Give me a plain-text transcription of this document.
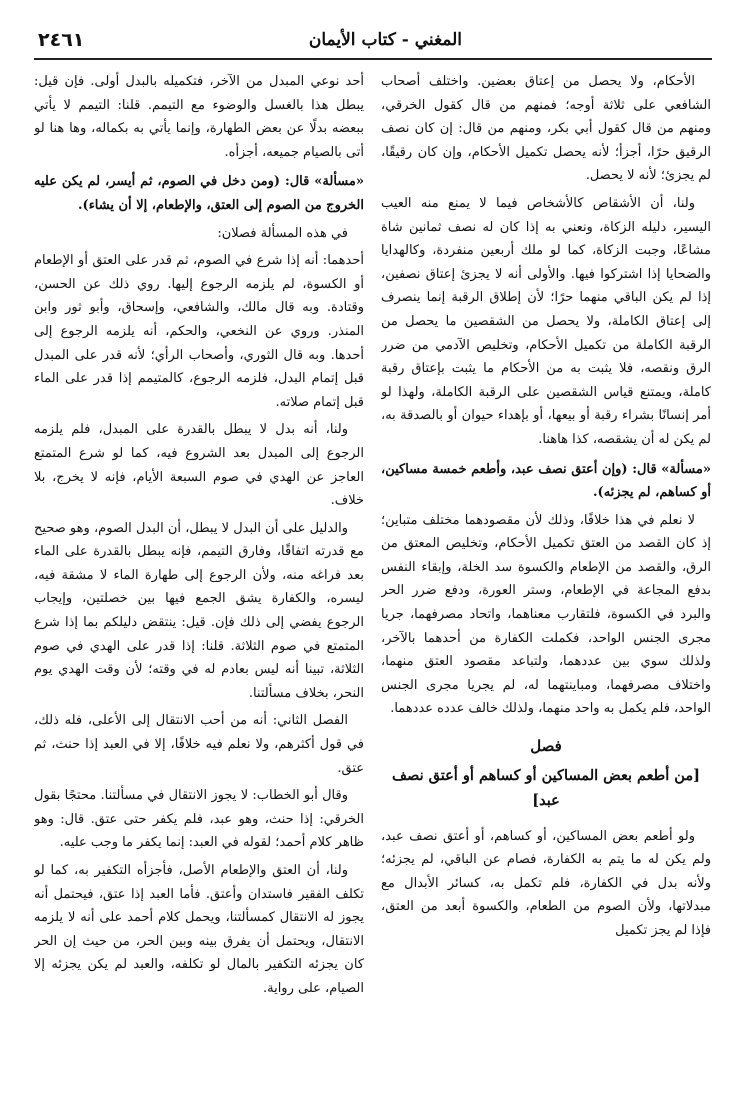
المغني - كتاب الأيمان
٢٤٦١

الأحكام، ولا يحصل من إعتاق بعضين. واختلف أصحاب الشافعي على ثلاثة أوجه؛ فمنهم من قال كقول الخرقي، ومنهم من قال كقول أبي بكر، ومنهم من قال: إن كان نصف الرقيق حرًا، أجزأ؛ لأنه يحصل تكميل الأحكام، وإن كان رقيقًا، لم يجزئ؛ لأنه لا يحصل.

ولنا، أن الأشقاص كالأشخاص فيما لا يمنع منه العيب اليسير، دليله الزكاة، ونعني به إذا كان له نصف ثمانين شاة مشاعًا، وجبت الزكاة، كما لو ملك أربعين منفردة، وكالهدايا والضحايا إذا اشتركوا فيها. والأولى أنه لا يجزئ إعتاق نصفين، إذا لم يكن الباقي منهما حرًا؛ لأن إطلاق الرقبة إنما ينصرف إلى إعتاق الكاملة، ولا يحصل من الشقصين ما يحصل من الرقبة الكاملة من تكميل الأحكام، وتخليص الآدمي من ضرر الرق ونقصه، فلا يثبت به من الأحكام ما يثبت بإعتاق رقبة كاملة، ويمتنع قياس الشقصين على الرقبة الكاملة، ولهذا لو أمر إنسانًا بشراء رقبة أو بيعها، أو بإهداء حيوان أو بالصدقة به، لم يكن له أن يشقصه، كذا هاهنا.

«مسألة» قال: (وإن أعتق نصف عبد، وأطعم خمسة مساكين، أو كساهم، لم يجزئه).

لا نعلم في هذا خلافًا، وذلك لأن مقصودهما مختلف متباين؛ إذ كان القصد من العتق تكميل الأحكام، وتخليص المعتق من الرق، والقصد من الإطعام والكسوة سد الخلة، وإبقاء النفس بدفع المجاعة في الإطعام، وستر العورة، ودفع ضرر الحر والبرد في الكسوة، فلتقارب معناهما، واتحاد مصرفهما، جريا مجرى الجنس الواحد، فكملت الكفارة من أحدهما بالآخر، ولذلك سوي بين عددهما، ولتباعد مقصود العتق منهما، واختلاف مصرفهما، ومباينتهما له، لم يجريا مجرى الجنس الواحد، فلم يكمل به واحد منهما، ولذلك خالف عدده عددهما.

فصل
[من أطعم بعض المساكين أو كساهم أو أعتق نصف عبد]

ولو أطعم بعض المساكين، أو كساهم، أو أعتق نصف عبد، ولم يكن له ما يتم به الكفارة، فصام عن الباقي، لم يجزئه؛ ولأنه بدل في الكفارة، فلم تكمل به، كسائر الأبدال مع مبدلاتها، ولأن الصوم من الطعام، والكسوة أبعد من العتق، فإذا لم يجز تكميل

أحد نوعي المبدل من الآخر، فتكميله بالبدل أولى. فإن قيل: يبطل هذا بالغسل والوضوء مع التيمم. قلنا: التيمم لا يأتي ببعضه بدلًا عن بعض الطهارة، وإنما يأتي به بكماله، وها هنا لو أتى بالصيام جميعه، أجزأه.

«مسألة» قال: (ومن دخل في الصوم، ثم أيسر، لم يكن عليه الخروج من الصوم إلى العتق، والإطعام، إلا أن يشاء).

في هذه المسألة فصلان:

أحدهما: أنه إذا شرع في الصوم، ثم قدر على العتق أو الإطعام أو الكسوة، لم يلزمه الرجوع إليها. روي ذلك عن الحسن، وقتادة. وبه قال مالك، والشافعي، وإسحاق، وأبو ثور وابن المنذر. وروي عن النخعي، والحكم، أنه يلزمه الرجوع إلى أحدها. وبه قال الثوري، وأصحاب الرأي؛ لأنه قدر على المبدل قبل إتمام البدل، فلزمه الرجوع، كالمتيمم إذا قدر على الماء قبل إتمام صلاته.

ولنا، أنه بدل لا يبطل بالقدرة على المبدل، فلم يلزمه الرجوع إلى المبدل بعد الشروع فيه، كما لو شرع المتمتع العاجز عن الهدي في صوم السبعة الأيام، فإنه لا يخرج، بلا خلاف.

والدليل على أن البدل لا يبطل، أن البدل الصوم، وهو صحيح مع قدرته اتفاقًا، وفارق التيمم، فإنه يبطل بالقدرة على الماء بعد فراغه منه، ولأن الرجوع إلى طهارة الماء لا مشقة فيه، ليسره، والكفارة يشق الجمع فيها بين خصلتين، وإيجاب الرجوع يفضي إلى ذلك فإن. قيل: ينتقض دليلكم بما إذا شرع المتمتع في صوم الثلاثة. قلنا: إذا قدر على الهدي في صوم الثلاثة، تبينا أنه ليس بعادم له في وقته؛ لأن وقت الهدي يوم النحر، بخلاف مسألتنا.

الفصل الثاني: أنه من أحب الانتقال إلى الأعلى، فله ذلك، في قول أكثرهم، ولا نعلم فيه خلافًا، إلا في العبد إذا حنث، ثم عتق.

وقال أبو الخطاب: لا يجوز الانتقال في مسألتنا. محتجًا بقول الخرقي: إذا حنث، وهو عبد، فلم يكفر حتى عتق. قال: وهو ظاهر كلام أحمد؛ لقوله في العبد: إنما يكفر ما وجب عليه.

ولنا، أن العتق والإطعام الأصل، فأجزأه التكفير به، كما لو تكلف الفقير فاستدان وأعتق. فأما العبد إذا عتق، فيحتمل أنه يجوز له الانتقال كمسألتنا، ويحمل كلام أحمد على أنه لا يلزمه الانتقال، ويحتمل أن يفرق بينه وبين الحر، من حيث إن الحر كان يجزئه التكفير بالمال لو تكلفه، والعبد لم يكن يجزئه إلا الصيام، على رواية.
